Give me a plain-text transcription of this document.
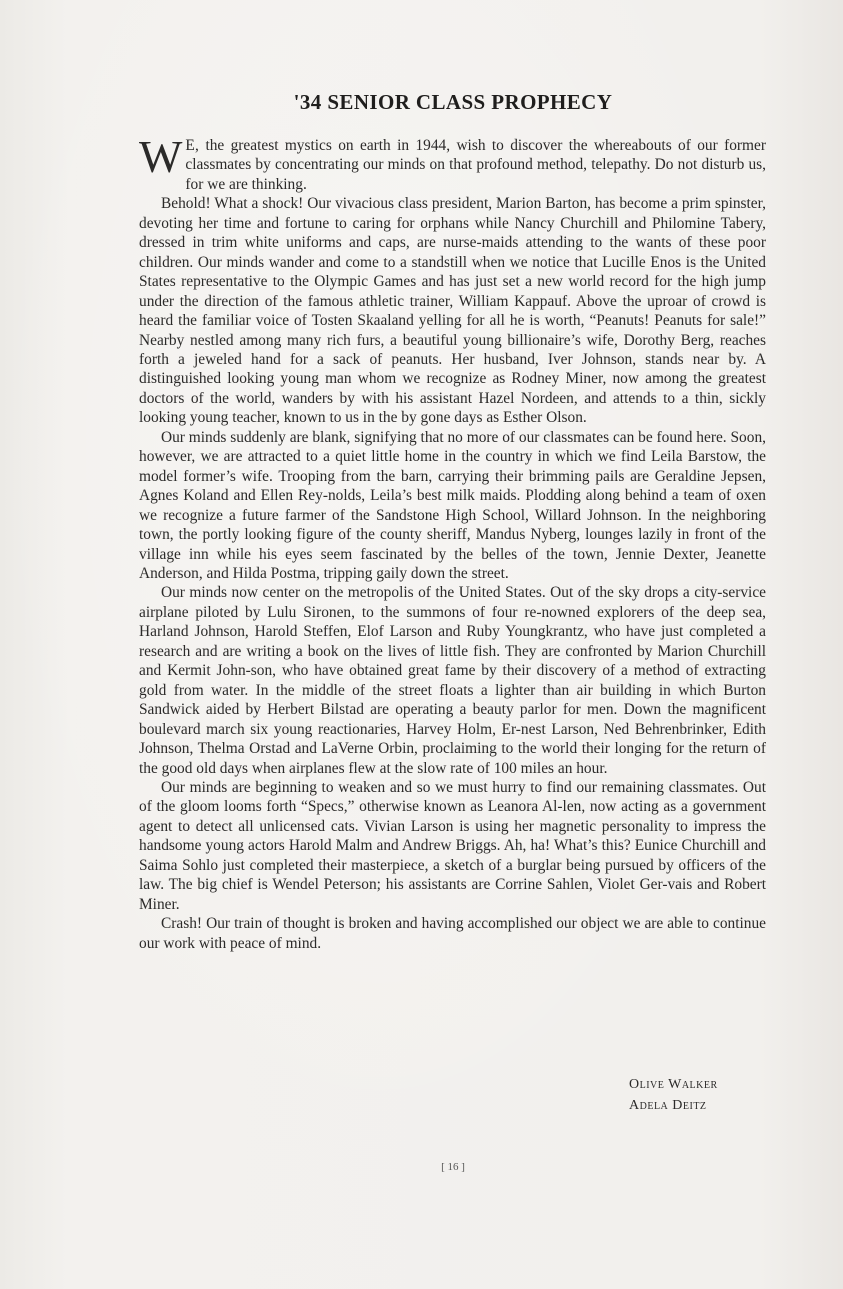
'34 SENIOR CLASS PROPHECY

W E, the greatest mystics on earth in 1944, wish to discover the whereabouts of our former classmates by concentrating our minds on that profound method, telepathy. Do not disturb us, for we are thinking.

Behold! What a shock! Our vivacious class president, Marion Barton, has become a prim spinster, devoting her time and fortune to caring for orphans while Nancy Churchill and Philomine Tabery, dressed in trim white uniforms and caps, are nurse-maids attending to the wants of these poor children. Our minds wander and come to a standstill when we notice that Lucille Enos is the United States representative to the Olympic Games and has just set a new world record for the high jump under the direction of the famous athletic trainer, William Kappauf. Above the uproar of crowd is heard the familiar voice of Tosten Skaaland yelling for all he is worth, “Peanuts! Peanuts for sale!” Nearby nestled among many rich furs, a beautiful young billionaire’s wife, Dorothy Berg, reaches forth a jeweled hand for a sack of peanuts. Her husband, Iver Johnson, stands near by. A distinguished looking young man whom we recognize as Rodney Miner, now among the greatest doctors of the world, wanders by with his assistant Hazel Nordeen, and attends to a thin, sickly looking young teacher, known to us in the by gone days as Esther Olson.

Our minds suddenly are blank, signifying that no more of our classmates can be found here. Soon, however, we are attracted to a quiet little home in the country in which we find Leila Barstow, the model former’s wife. Trooping from the barn, carrying their brimming pails are Geraldine Jepsen, Agnes Koland and Ellen Rey-nolds, Leila’s best milk maids. Plodding along behind a team of oxen we recognize a future farmer of the Sandstone High School, Willard Johnson. In the neighboring town, the portly looking figure of the county sheriff, Mandus Nyberg, lounges lazily in front of the village inn while his eyes seem fascinated by the belles of the town, Jennie Dexter, Jeanette Anderson, and Hilda Postma, tripping gaily down the street.

Our minds now center on the metropolis of the United States. Out of the sky drops a city-service airplane piloted by Lulu Sironen, to the summons of four re-nowned explorers of the deep sea, Harland Johnson, Harold Steffen, Elof Larson and Ruby Youngkrantz, who have just completed a research and are writing a book on the lives of little fish. They are confronted by Marion Churchill and Kermit John-son, who have obtained great fame by their discovery of a method of extracting gold from water. In the middle of the street floats a lighter than air building in which Burton Sandwick aided by Herbert Bilstad are operating a beauty parlor for men. Down the magnificent boulevard march six young reactionaries, Harvey Holm, Er-nest Larson, Ned Behrenbrinker, Edith Johnson, Thelma Orstad and LaVerne Orbin, proclaiming to the world their longing for the return of the good old days when airplanes flew at the slow rate of 100 miles an hour.

Our minds are beginning to weaken and so we must hurry to find our remaining classmates. Out of the gloom looms forth “Specs,” otherwise known as Leanora Al-len, now acting as a government agent to detect all unlicensed cats. Vivian Larson is using her magnetic personality to impress the handsome young actors Harold Malm and Andrew Briggs. Ah, ha! What’s this? Eunice Churchill and Saima Sohlo just completed their masterpiece, a sketch of a burglar being pursued by officers of the law. The big chief is Wendel Peterson; his assistants are Corrine Sahlen, Violet Ger-vais and Robert Miner.

Crash! Our train of thought is broken and having accomplished our object we are able to continue our work with peace of mind.

Olive Walker
Adela Deitz
[ 16 ]
